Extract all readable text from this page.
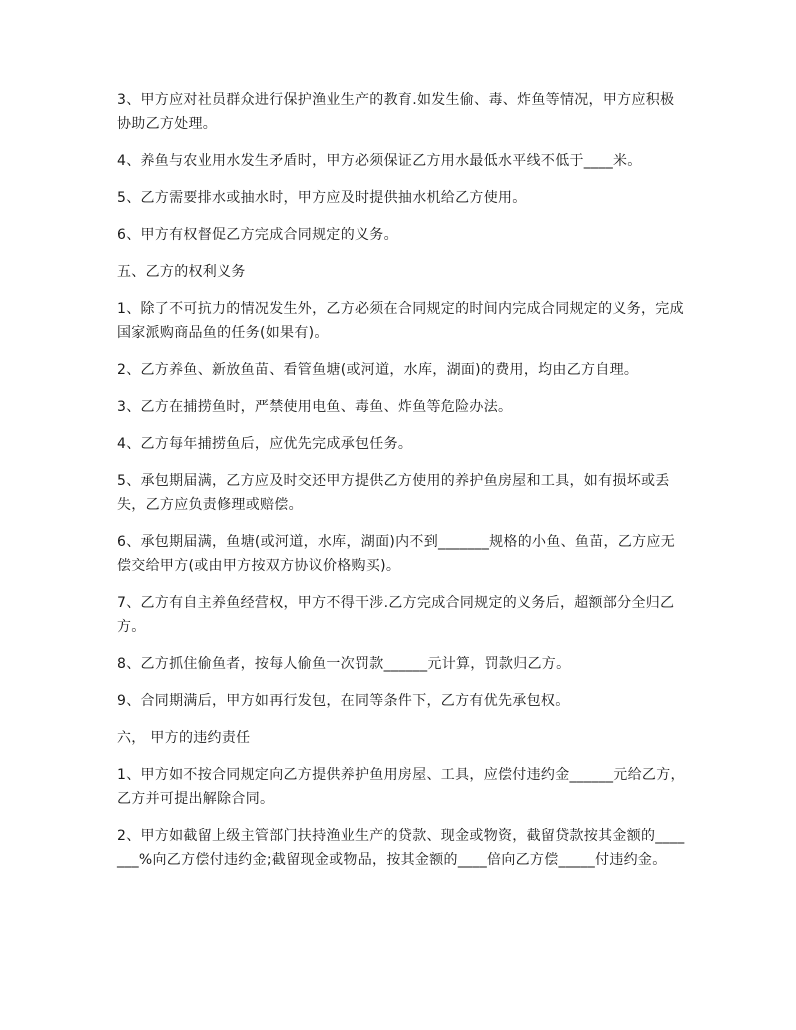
3、甲方应对社员群众进行保护渔业生产的教育.如发生偷、毒、炸鱼等情况，甲方应积极协助乙方处理。

4、养鱼与农业用水发生矛盾时，甲方必须保证乙方用水最低水平线不低于____米。

5、乙方需要排水或抽水时，甲方应及时提供抽水机给乙方使用。

6、甲方有权督促乙方完成合同规定的义务。

五、乙方的权利义务

1、除了不可抗力的情况发生外，乙方必须在合同规定的时间内完成合同规定的义务，完成国家派购商品鱼的任务(如果有)。

2、乙方养鱼、新放鱼苗、看管鱼塘(或河道，水库，湖面)的费用，均由乙方自理。

3、乙方在捕捞鱼时，严禁使用电鱼、毒鱼、炸鱼等危险办法。

4、乙方每年捕捞鱼后，应优先完成承包任务。

5、承包期届满，乙方应及时交还甲方提供乙方使用的养护鱼房屋和工具，如有损坏或丢失，乙方应负责修理或赔偿。

6、承包期届满，鱼塘(或河道，水库，湖面)内不到_______规格的小鱼、鱼苗，乙方应无偿交给甲方(或由甲方按双方协议价格购买)。

7、乙方有自主养鱼经营权，甲方不得干涉.乙方完成合同规定的义务后，超额部分全归乙方。

8、乙方抓住偷鱼者，按每人偷鱼一次罚款______元计算，罚款归乙方。

9、合同期满后，甲方如再行发包，在同等条件下，乙方有优先承包权。

六， 甲方的违约责任

1、甲方如不按合同规定向乙方提供养护鱼用房屋、工具，应偿付违约金______元给乙方，乙方并可提出解除合同。

2、甲方如截留上级主管部门扶持渔业生产的贷款、现金或物资，截留贷款按其金额的_______%向乙方偿付违约金;截留现金或物品，按其金额的____倍向乙方偿_____付违约金。
